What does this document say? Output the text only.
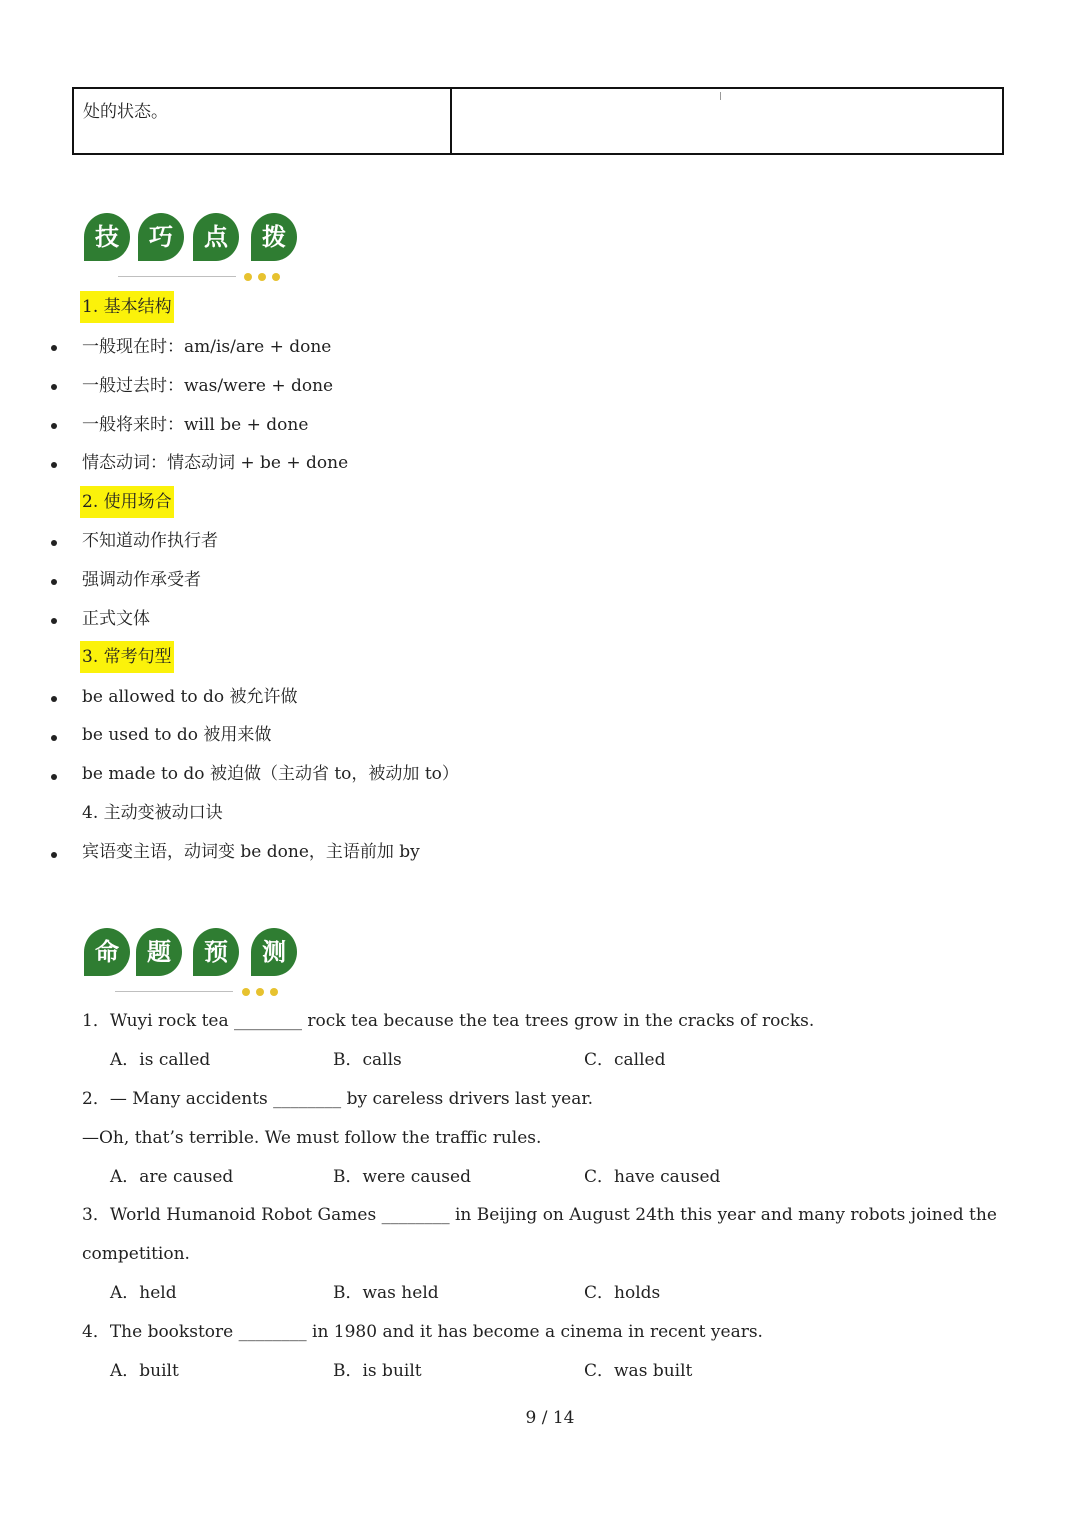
处的状态。
技	巧	点	拨
1. 基本结构
一般现在时：am/is/are + done
一般过去时：was/were + done
一般将来时：will be + done
情态动词：情态动词 + be + done
2. 使用场合
不知道动作执行者
强调动作承受者
正式文体
3. 常考句型
be allowed to do 被允许做
be used to do 被用来做
be made to do 被迫做（主动省 to，被动加 to）
4. 主动变被动口诀
宾语变主语，动词变 be done，主语前加 by
命	题	预	测
1．Wuyi rock tea ________ rock tea because the tea trees grow in the cracks of rocks.
A．is called	B．calls	C．called
2．— Many accidents ________ by careless drivers last year.
—Oh, that’s terrible. We must follow the traffic rules.
A．are caused	B．were caused	C．have caused
3．World Humanoid Robot Games ________ in Beijing on August 24th this year and many robots joined the
competition.
A．held	B．was held	C．holds
4．The bookstore ________ in 1980 and it has become a cinema in recent years.
A．built	B．is built	C．was built
9 / 14
